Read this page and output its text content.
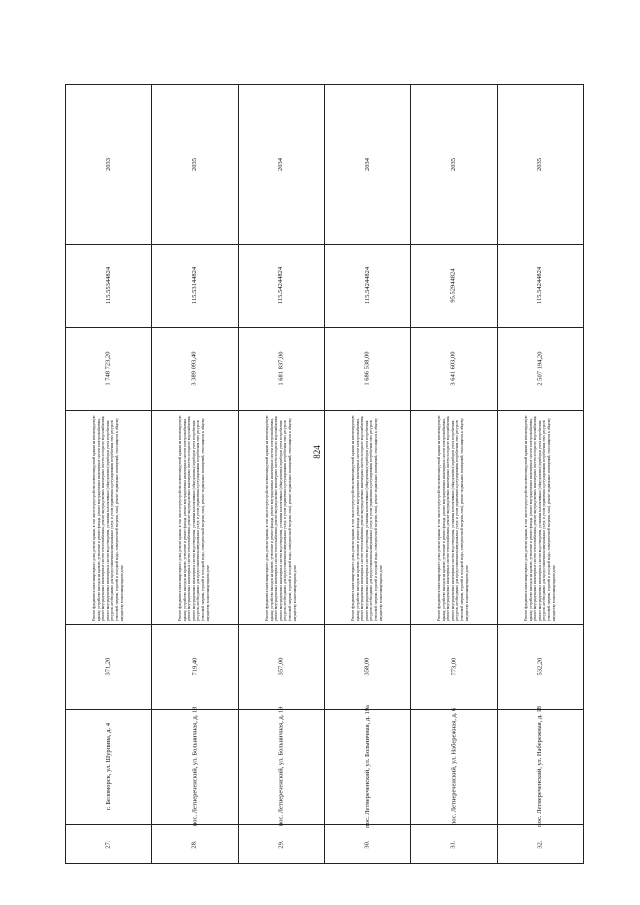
824
2033
115.55344824
1 748 723,20
Ремонт фундамента многоквартирного дома, ремонт крыши, в том числе переустройство невентилируемой крыши на вентилируемую крышу, устройство выходов на кровлю, утепление и ремонт фасада, ремонт внутридомовых инженерных систем электроснабжения, ремонт внутридомовых инженерных систем теплоснабжения, ремонт внутридомовых инженерных систем холодного водоснабжения, ремонт внутридомовых инженерных систем водоотведения, установка коллективных (общедомовых) приборов учета потребления ресурсов, необходимых для предоставления коммунальных услуг, и узлов управления и регулирования потребления этих ресурсов (тепловой энергии, горячей и холодной воды, электрической энергии, газа), ремонт подвальных помещений, относящихся к общему имуществу в многоквартирном доме
371,20
г. Беломорск, ул. Шурпина, д. 4
27.
2035
115.53144824
3 389 093,40
Ремонт фундамента многоквартирного дома, ремонт крыши, в том числе переустройство невентилируемой крыши на вентилируемую крышу, устройство выходов на кровлю, утепление и ремонт фасада, ремонт внутридомовых инженерных систем электроснабжения, ремонт внутридомовых инженерных систем теплоснабжения, ремонт внутридомовых инженерных систем холодного водоснабжения, ремонт внутридомовых инженерных систем водоотведения, установка коллективных (общедомовых) приборов учета потребления ресурсов, необходимых для предоставления коммунальных услуг, и узлов управления и регулирования потребления этих ресурсов (тепловой энергии, горячей и холодной воды, электрической энергии, газа), ремонт подвальных помещений, относящихся к общему имуществу в многоквартирном доме
719,40
пос. Летнереченский, ул. Больничная, д. 18
28.
2034
115.54244824
1 681 837,00
Ремонт фундамента многоквартирного дома, ремонт крыши, в том числе переустройство невентилируемой крыши на вентилируемую крышу, устройство выходов на кровлю, утепление и ремонт фасада, ремонт внутридомовых инженерных систем электроснабжения, ремонт внутридомовых инженерных систем теплоснабжения, ремонт внутридомовых инженерных систем холодного водоснабжения, ремонт внутридомовых инженерных систем водоотведения, установка коллективных (общедомовых) приборов учета потребления ресурсов, необходимых для предоставления коммунальных услуг, и узлов управления и регулирования потребления этих ресурсов (тепловой энергии, горячей и холодной воды, электрической энергии, газа), ремонт подвальных помещений, относящихся к общему имуществу в многоквартирном доме
357,00
пос. Летнереченский, ул. Больничная, д. 19
29.
2034
115.54244824
1 686 538,00
Ремонт фундамента многоквартирного дома, ремонт крыши, в том числе переустройство невентилируемой крыши на вентилируемую крышу, устройство выходов на кровлю, утепление и ремонт фасада, ремонт внутридомовых инженерных систем электроснабжения, ремонт внутридомовых инженерных систем теплоснабжения, ремонт внутридомовых инженерных систем холодного водоснабжения, ремонт внутридомовых инженерных систем водоотведения, установка коллективных (общедомовых) приборов учета потребления ресурсов, необходимых для предоставления коммунальных услуг, и узлов управления и регулирования потребления этих ресурсов (тепловой энергии, горячей и холодной воды, электрической энергии, газа), ремонт подвальных помещений, относящихся к общему имуществу в многоквартирном доме
358,00
пос. Летнереченский, ул. Больничная, д. 19а
30.
2035
95.52944824
3 641 603,00
Ремонт фундамента многоквартирного дома, ремонт крыши, в том числе переустройство невентилируемой крыши на вентилируемую крышу, устройство выходов на кровлю, утепление и ремонт фасада, ремонт внутридомовых инженерных систем электроснабжения, ремонт внутридомовых инженерных систем теплоснабжения, ремонт внутридомовых инженерных систем холодного водоснабжения, ремонт внутридомовых инженерных систем водоотведения, установка коллективных (общедомовых) приборов учета потребления ресурсов, необходимых для предоставления коммунальных услуг, и узлов управления и регулирования потребления этих ресурсов (тепловой энергии, горячей и холодной воды, электрической энергии, газа), ремонт подвальных помещений, относящихся к общему имуществу в многоквартирном доме
773,00
пос. Летнереченский, ул. Набережная, д. 6
31.
2035
115.54244824
2 507 194,20
Ремонт фундамента многоквартирного дома, ремонт крыши, в том числе переустройство невентилируемой крыши на вентилируемую крышу, устройство выходов на кровлю, утепление и ремонт фасада, ремонт внутридомовых инженерных систем электроснабжения, ремонт внутридомовых инженерных систем теплоснабжения, ремонт внутридомовых инженерных систем холодного водоснабжения, ремонт внутридомовых инженерных систем водоотведения, установка коллективных (общедомовых) приборов учета потребления ресурсов, необходимых для предоставления коммунальных услуг, и узлов управления и регулирования потребления этих ресурсов (тепловой энергии, горячей и холодной воды, электрической энергии, газа), ремонт подвальных помещений, относящихся к общему имуществу в многоквартирном доме
532,20
пос. Летнереченский, ул. Набережная, д. 18
32.
